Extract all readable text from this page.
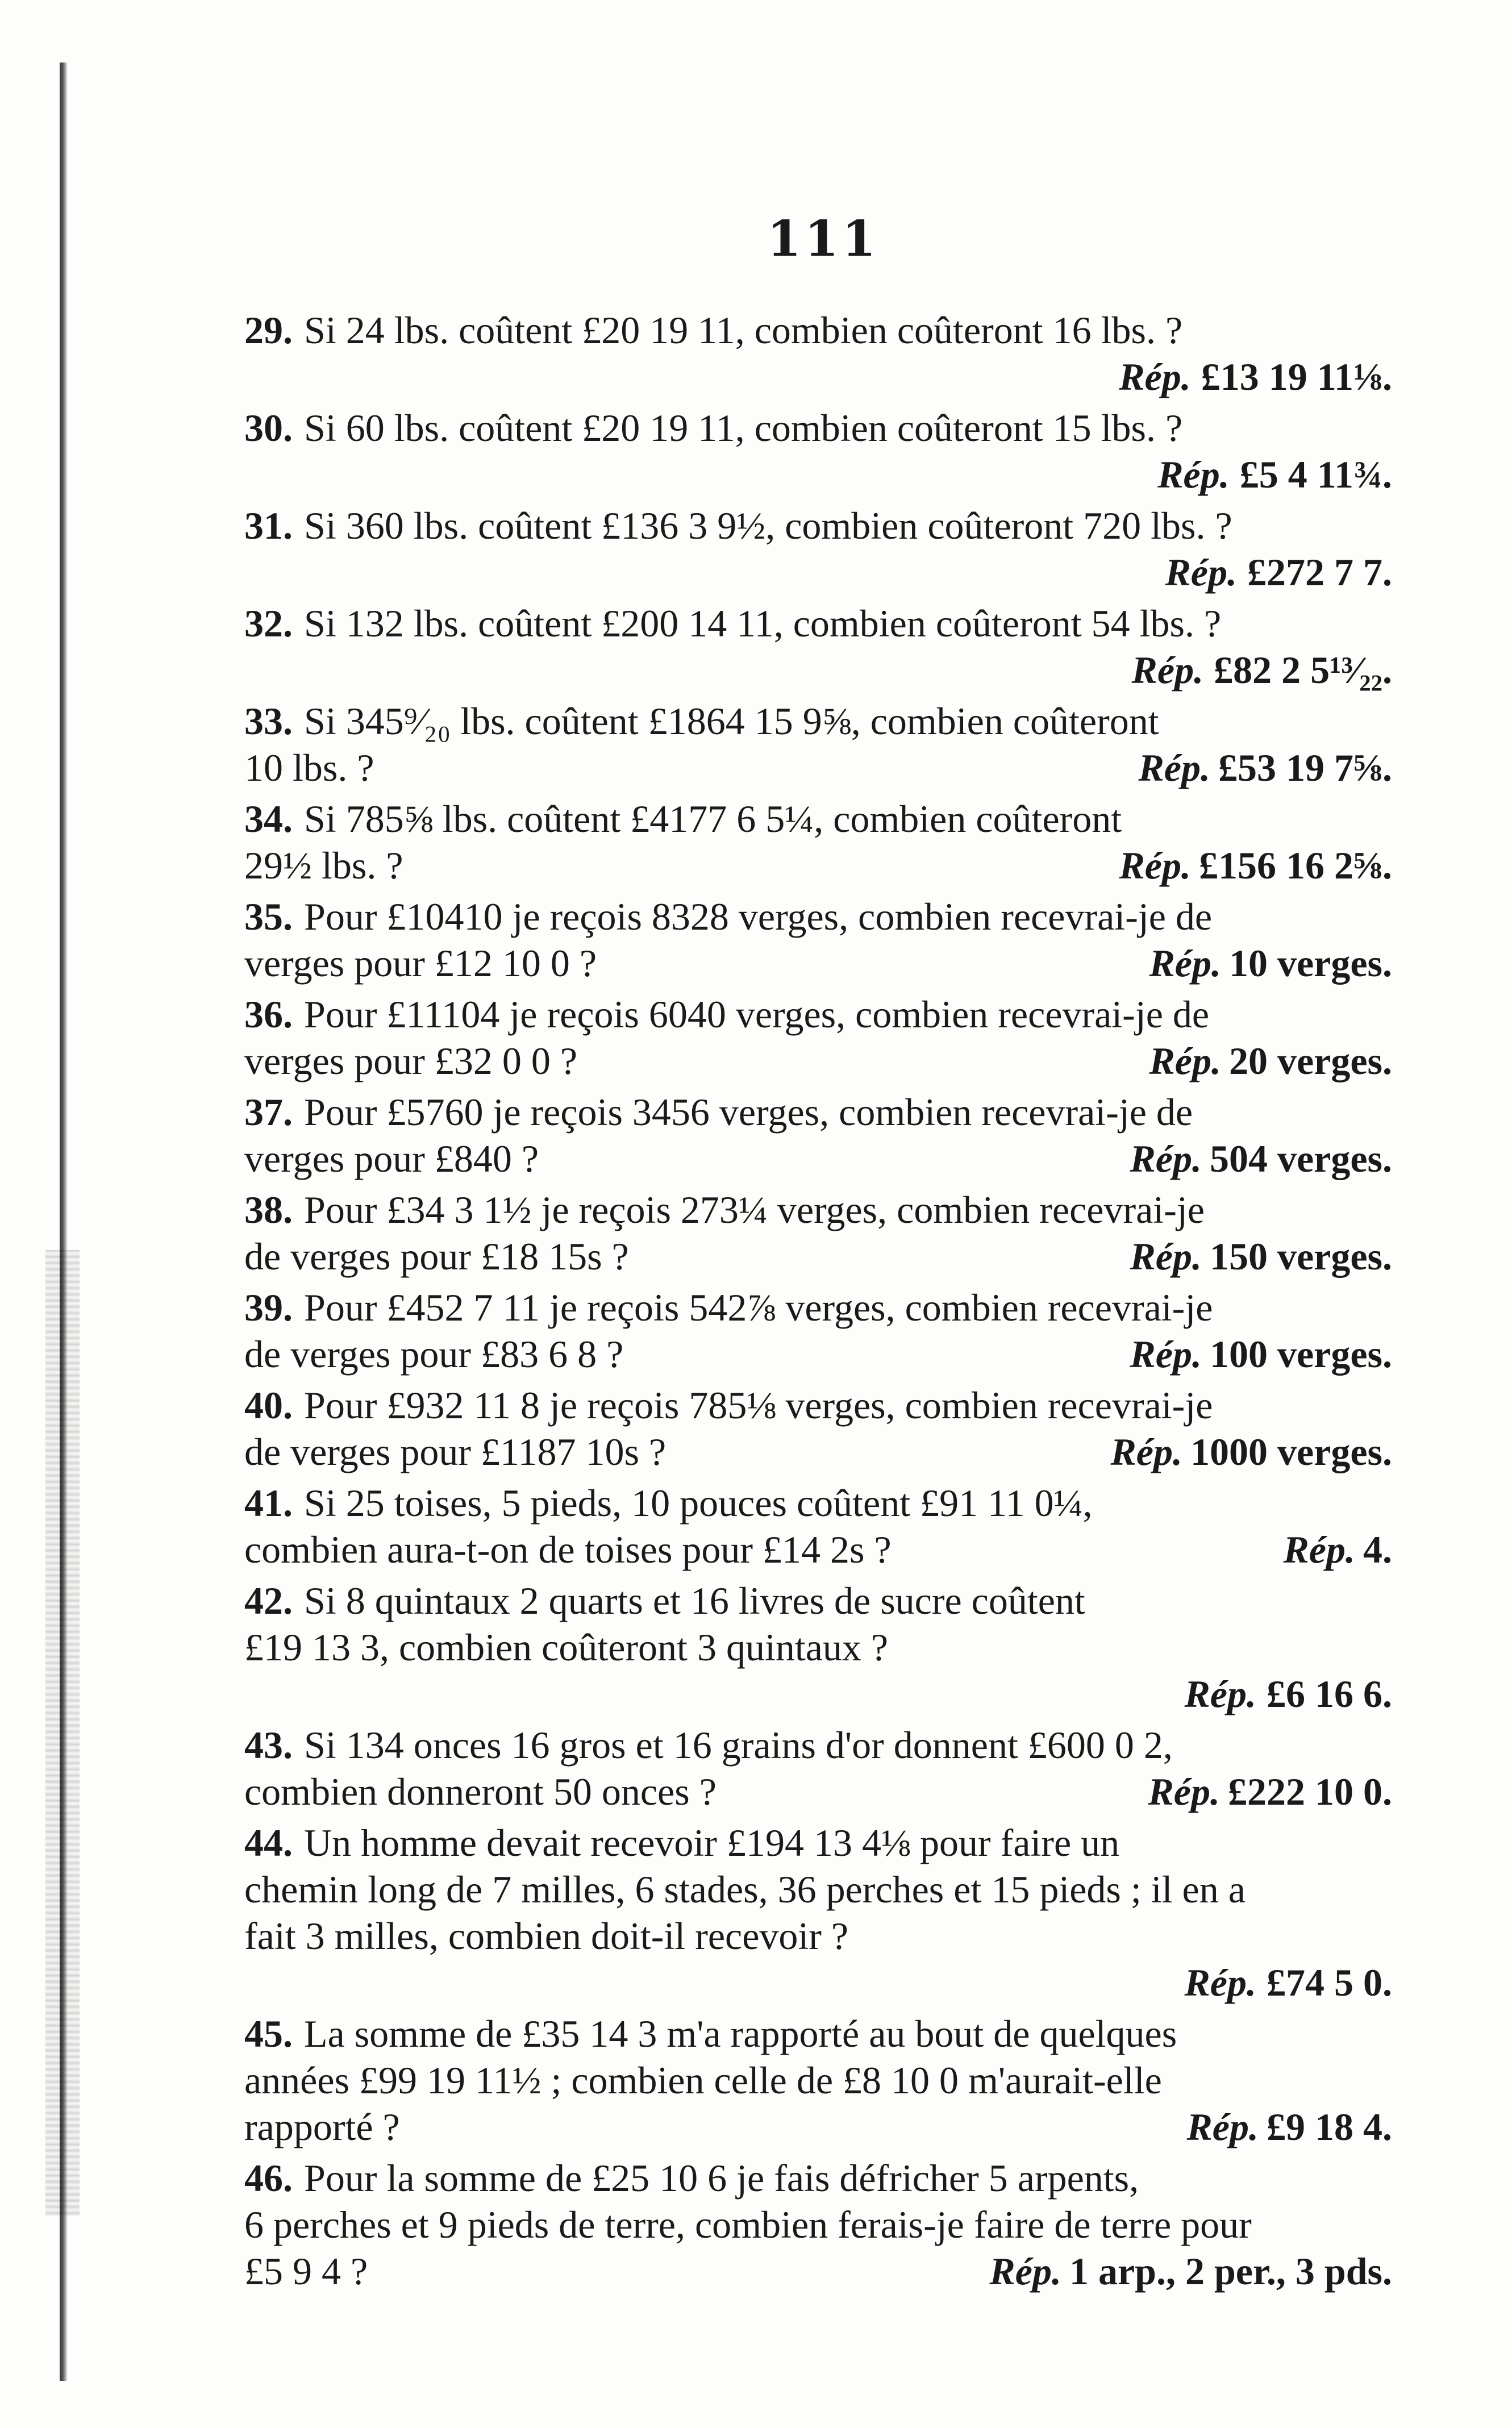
111
29. Si 24 lbs. coûtent £20 19 11, combien coûteront 16 lbs. ?
Rép. £13 19 11⅛.
30. Si 60 lbs. coûtent £20 19 11, combien coûteront 15 lbs. ?
Rép. £5 4 11¾.
31. Si 360 lbs. coûtent £136 3 9½, combien coûteront 720 lbs. ?
Rép. £272 7 7.
32. Si 132 lbs. coûtent £200 14 11, combien coûteront 54 lbs. ?
Rép. £82 2 5¹³⁄₂₂.
33. Si 345⁹⁄₂₀ lbs. coûtent £1864 15 9⅝, combien coûteront
10 lbs. ?	Rép. £53 19 7⅝.
34. Si 785⅝ lbs. coûtent £4177 6 5¼, combien coûteront
29½ lbs. ?	Rép. £156 16 2⅝.
35. Pour £10410 je reçois 8328 verges, combien recevrai-je de
verges pour £12 10 0 ?	Rép. 10 verges.
36. Pour £11104 je reçois 6040 verges, combien recevrai-je de
verges pour £32 0 0 ?	Rép. 20 verges.
37. Pour £5760 je reçois 3456 verges, combien recevrai-je de
verges pour £840 ?	Rép. 504 verges.
38. Pour £34 3 1½ je reçois 273¼ verges, combien recevrai-je
de verges pour £18 15s ?	Rép. 150 verges.
39. Pour £452 7 11 je reçois 542⅞ verges, combien recevrai-je
de verges pour £83 6 8 ?	Rép. 100 verges.
40. Pour £932 11 8 je reçois 785⅛ verges, combien recevrai-je
de verges pour £1187 10s ?	Rép. 1000 verges.
41. Si 25 toises, 5 pieds, 10 pouces coûtent £91 11 0¼,
combien aura-t-on de toises pour £14 2s ?	Rép. 4.
42. Si 8 quintaux 2 quarts et 16 livres de sucre coûtent
£19 13 3, combien coûteront 3 quintaux ?
Rép. £6 16 6.
43. Si 134 onces 16 gros et 16 grains d'or donnent £600 0 2,
combien donneront 50 onces ?	Rép. £222 10 0.
44. Un homme devait recevoir £194 13 4⅛ pour faire un
chemin long de 7 milles, 6 stades, 36 perches et 15 pieds ; il en a
fait 3 milles, combien doit-il recevoir ?
Rép. £74 5 0.
45. La somme de £35 14 3 m'a rapporté au bout de quelques
années £99 19 11½ ; combien celle de £8 10 0 m'aurait-elle
rapporté ?	Rép. £9 18 4.
46. Pour la somme de £25 10 6 je fais défricher 5 arpents,
6 perches et 9 pieds de terre, combien ferais-je faire de terre pour
£5 9 4 ?	Rép. 1 arp., 2 per., 3 pds.
